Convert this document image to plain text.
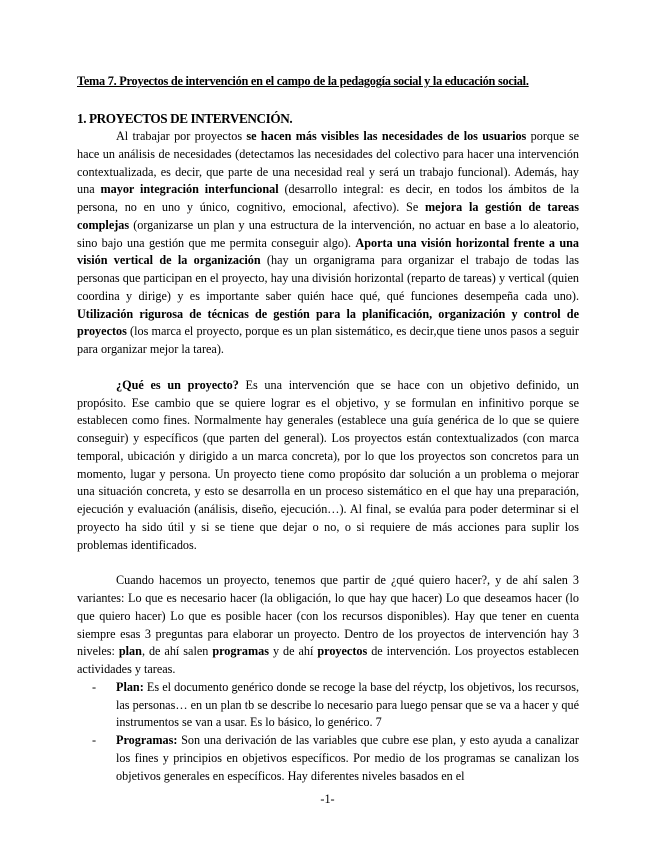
Tema 7. Proyectos de intervención en el campo de la pedagogía social y la educación social.
1. PROYECTOS DE INTERVENCIÓN.

Al trabajar por proyectos se hacen más visibles las necesidades de los usuarios porque se hace un análisis de necesidades (detectamos las necesidades del colectivo para hacer una intervención contextualizada, es decir, que parte de una necesidad real y será un trabajo funcional). Además, hay una mayor integración interfuncional (desarrollo integral: es decir, en todos los ámbitos de la persona, no en uno y único, cognitivo, emocional, afectivo). Se mejora la gestión de tareas complejas (organizarse un plan y una estructura de la intervención, no actuar en base a lo aleatorio, sino bajo una gestión que me permita conseguir algo). Aporta una visión horizontal frente a una visión vertical de la organización (hay un organigrama para organizar el trabajo de todas las personas que participan en el proyecto, hay una división horizontal (reparto de tareas) y vertical (quien coordina y dirige) y es importante saber quién hace qué, qué funciones desempeña cada uno). Utilización rigurosa de técnicas de gestión para la planificación, organización y control de proyectos (los marca el proyecto, porque es un plan sistemático, es decir,que tiene unos pasos a seguir para organizar mejor la tarea).

¿Qué es un proyecto? Es una intervención que se hace con un objetivo definido, un propósito. Ese cambio que se quiere lograr es el objetivo, y se formulan en infinitivo porque se establecen como fines. Normalmente hay generales (establece una guía genérica de lo que se quiere conseguir) y específicos (que parten del general). Los proyectos están contextualizados (con marca temporal, ubicación y dirigido a un marca concreta), por lo que los proyectos son concretos para un momento, lugar y persona. Un proyecto tiene como propósito dar solución a un problema o mejorar una situación concreta, y esto se desarrolla en un proceso sistemático en el que hay una preparación, ejecución y evaluación (análisis, diseño, ejecución…). Al final, se evalúa para poder determinar si el proyecto ha sido útil y si se tiene que dejar o no, o si requiere de más acciones para suplir los problemas identificados.

Cuando hacemos un proyecto, tenemos que partir de ¿qué quiero hacer?, y de ahí salen 3 variantes: Lo que es necesario hacer (la obligación, lo que hay que hacer) Lo que deseamos hacer (lo que quiero hacer) Lo que es posible hacer (con los recursos disponibles). Hay que tener en cuenta siempre esas 3 preguntas para elaborar un proyecto. Dentro de los proyectos de intervención hay 3 niveles: plan, de ahí salen programas y de ahí proyectos de intervención. Los proyectos establecen actividades y tareas.

- Plan: Es el documento genérico donde se recoge la base del réyctp, los objetivos, los recursos, las personas… en un plan tb se describe lo necesario para luego pensar que se va a hacer y qué instrumentos se van a usar. Es lo básico, lo genérico. 7
- Programas: Son una derivación de las variables que cubre ese plan, y esto ayuda a canalizar los fines y principios en objetivos específicos. Por medio de los programas se canalizan los objetivos generales en específicos. Hay diferentes niveles basados en el
-1-
